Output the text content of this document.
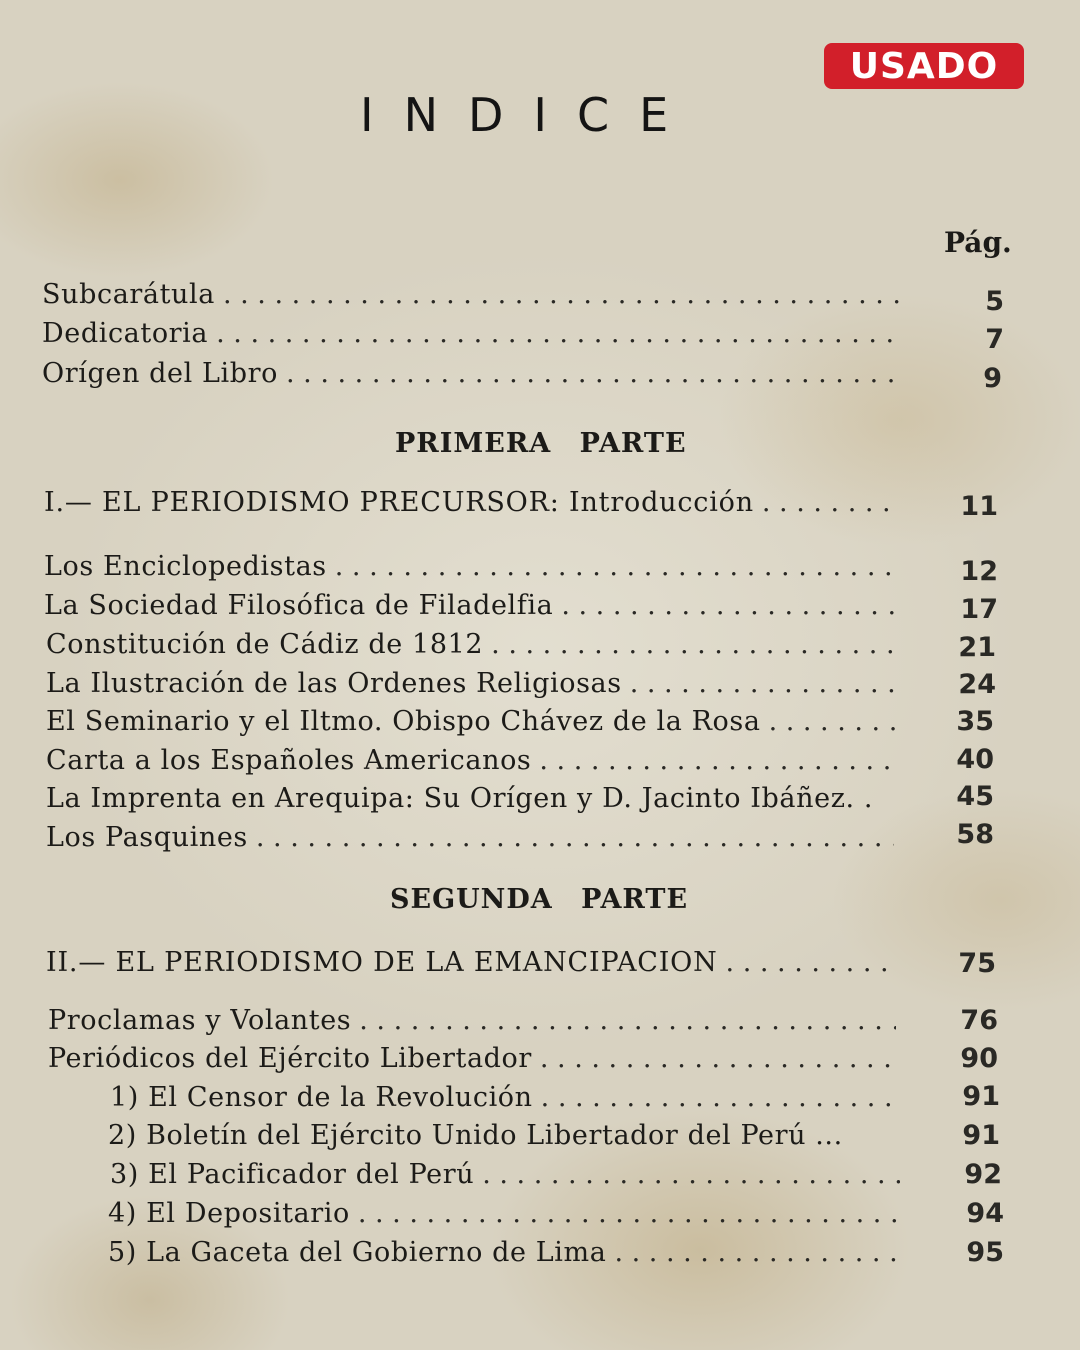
USADO
INDICE
Pág.
Subcarátula . . .	5
Dedicatoria . . .	7
Orígen del Libro . . .	9
PRIMERA PARTE
I.— EL PERIODISMO PRECURSOR: Introducción . . .	11
Los Enciclopedistas . . .	12
La Sociedad Filosófica de Filadelfia . . .	17
Constitución de Cádiz de 1812 . . .	21
La Ilustración de las Ordenes Religiosas . . .	24
El Seminario y el Iltmo. Obispo Chávez de la Rosa . . .	35
Carta a los Españoles Americanos . . .	40
La Imprenta en Arequipa: Su Orígen y D. Jacinto Ibáñez. .	45
Los Pasquines . . .	58
SEGUNDA PARTE
II.— EL PERIODISMO DE LA EMANCIPACION . . .	75
Proclamas y Volantes . . .	76
Periódicos del Ejército Libertador . . .	90
1) El Censor de la Revolución . . .	91
2) Boletín del Ejército Unido Libertador del Perú ...	91
3) El Pacificador del Perú . . .	92
4) El Depositario . . .	94
5) La Gaceta del Gobierno de Lima . . .	95
